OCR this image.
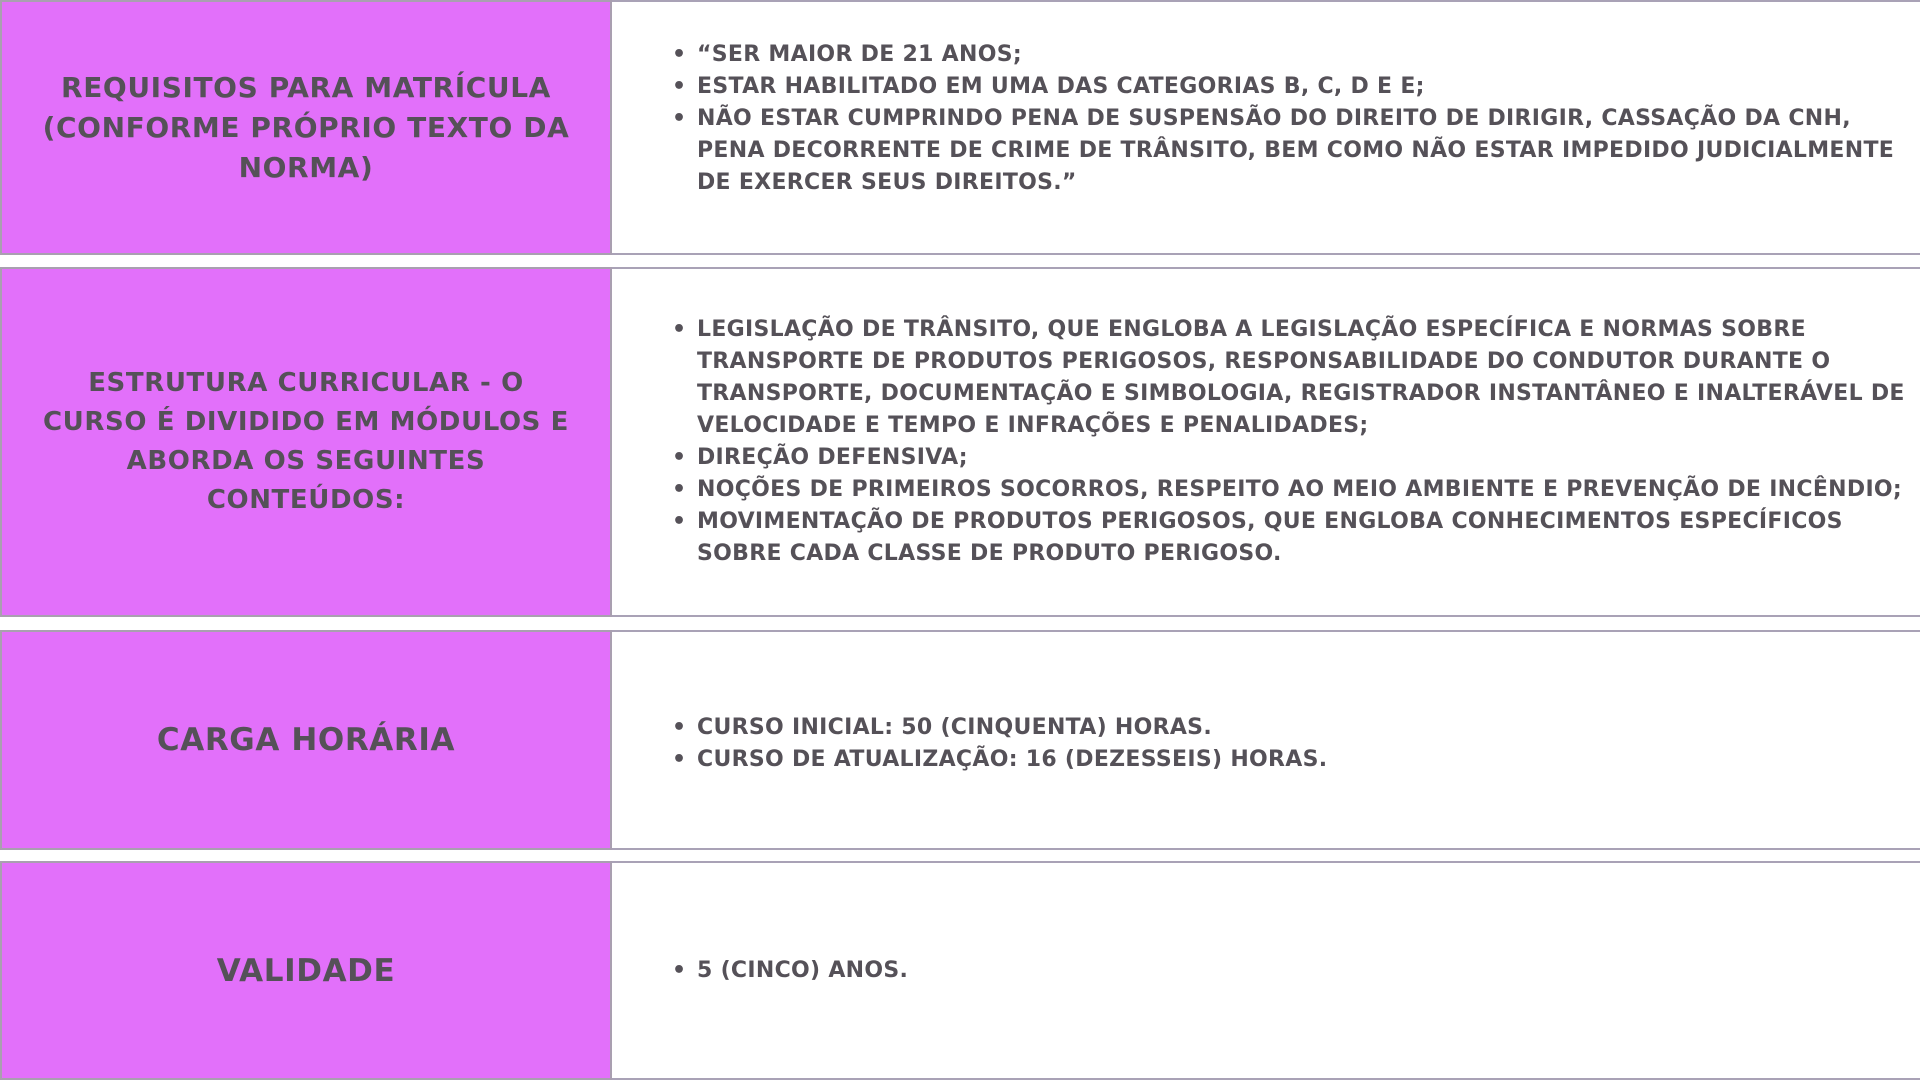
REQUISITOS PARA MATRÍCULA (CONFORME PRÓPRIO TEXTO DA NORMA)
• “SER MAIOR DE 21 ANOS;
• ESTAR HABILITADO EM UMA DAS CATEGORIAS B, C, D E E;
• NÃO ESTAR CUMPRINDO PENA DE SUSPENSÃO DO DIREITO DE DIRIGIR, CASSAÇÃO DA CNH, PENA DECORRENTE DE CRIME DE TRÂNSITO, BEM COMO NÃO ESTAR IMPEDIDO JUDICIALMENTE DE EXERCER SEUS DIREITOS.”
ESTRUTURA CURRICULAR - O CURSO É DIVIDIDO EM MÓDULOS E ABORDA OS SEGUINTES CONTEÚDOS:
• LEGISLAÇÃO DE TRÂNSITO, QUE ENGLOBA A LEGISLAÇÃO ESPECÍFICA E NORMAS SOBRE TRANSPORTE DE PRODUTOS PERIGOSOS, RESPONSABILIDADE DO CONDUTOR DURANTE O TRANSPORTE, DOCUMENTAÇÃO E SIMBOLOGIA, REGISTRADOR INSTANTÂNEO E INALTERÁVEL DE VELOCIDADE E TEMPO E INFRAÇÕES E PENALIDADES;
• DIREÇÃO DEFENSIVA;
• NOÇÕES DE PRIMEIROS SOCORROS, RESPEITO AO MEIO AMBIENTE E PREVENÇÃO DE INCÊNDIO;
• MOVIMENTAÇÃO DE PRODUTOS PERIGOSOS, QUE ENGLOBA CONHECIMENTOS ESPECÍFICOS SOBRE CADA CLASSE DE PRODUTO PERIGOSO.
CARGA HORÁRIA	• CURSO INICIAL: 50 (CINQUENTA) HORAS.
• CURSO DE ATUALIZAÇÃO: 16 (DEZESSEIS) HORAS.
VALIDADE	• 5 (CINCO) ANOS.
